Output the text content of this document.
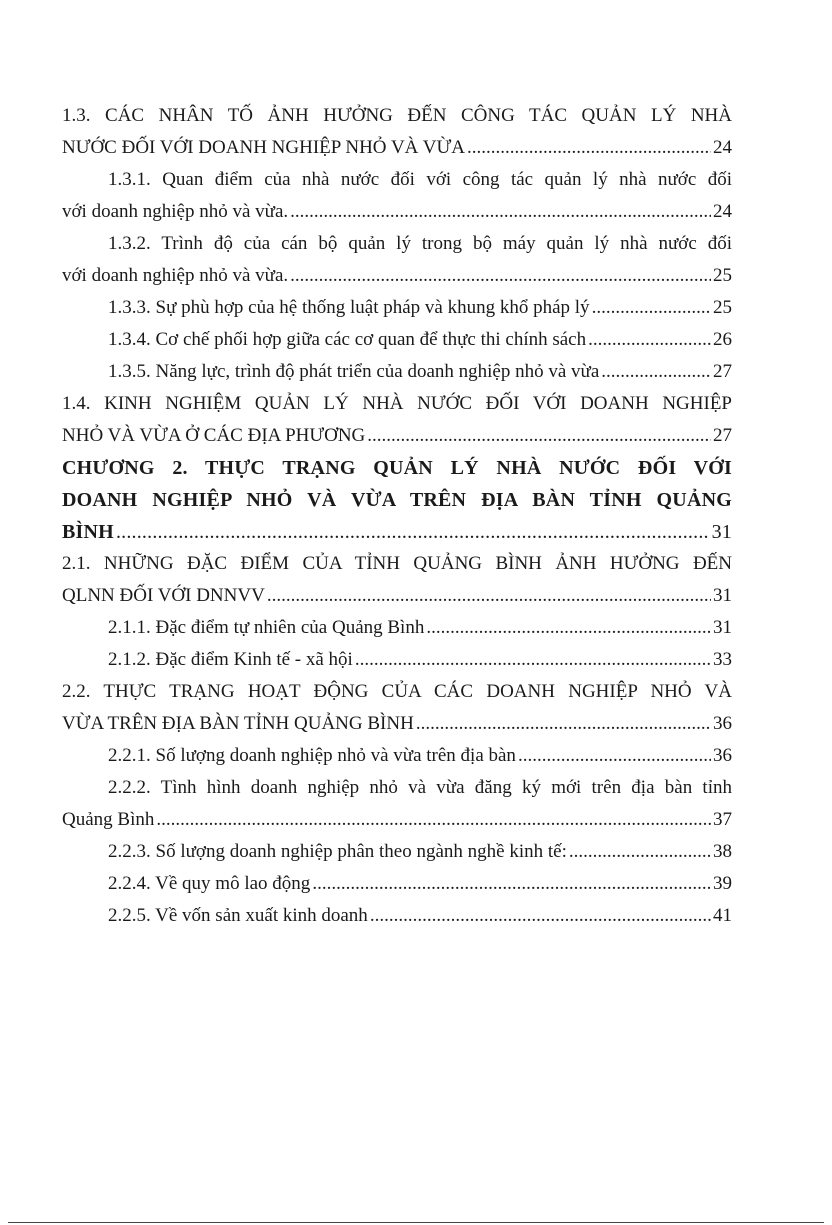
1.3. CÁC NHÂN TỐ ẢNH HƯỞNG ĐẾN CÔNG TÁC QUẢN LÝ NHÀ
NƯỚC ĐỐI VỚI DOANH NGHIỆP NHỎ VÀ VỪA .....	24
1.3.1. Quan điểm của nhà nước đối với công tác quản lý nhà nước đối
với doanh nghiệp nhỏ và vừa. .....	24
1.3.2. Trình độ của cán bộ quản lý trong bộ máy quản lý nhà nước đối
với doanh nghiệp nhỏ và vừa. .....	25
1.3.3. Sự phù hợp của hệ thống luật pháp và khung khổ pháp lý .....	25
1.3.4. Cơ chế phối hợp giữa các cơ quan để thực thi chính sách .....	26
1.3.5. Năng lực, trình độ phát triển của doanh nghiệp nhỏ và vừa .....	27
1.4. KINH NGHIỆM QUẢN LÝ NHÀ NƯỚC ĐỐI VỚI DOANH NGHIỆP
NHỎ VÀ VỪA Ở CÁC ĐỊA PHƯƠNG .....	27
CHƯƠNG 2. THỰC TRẠNG QUẢN LÝ NHÀ NƯỚC ĐỐI VỚI
DOANH NGHIỆP NHỎ VÀ VỪA TRÊN ĐỊA BÀN TỈNH QUẢNG
BÌNH .....	31
2.1. NHỮNG ĐẶC ĐIỂM CỦA TỈNH QUẢNG BÌNH ẢNH HƯỞNG ĐẾN
QLNN ĐỐI VỚI DNNVV .....	31
2.1.1. Đặc điểm tự nhiên của Quảng Bình .....	31
2.1.2. Đặc điểm Kinh tế - xã hội .....	33
2.2. THỰC TRẠNG HOẠT ĐỘNG CỦA CÁC DOANH NGHIỆP NHỎ VÀ
VỪA TRÊN ĐỊA BÀN TỈNH QUẢNG BÌNH .....	36
2.2.1. Số lượng doanh nghiệp nhỏ và vừa trên địa bàn .....	36
2.2.2. Tình hình doanh nghiệp nhỏ và vừa đăng ký mới trên địa bàn tỉnh
Quảng Bình .....	37
2.2.3. Số lượng doanh nghiệp phân theo ngành nghề kinh tế: .....	38
2.2.4. Về quy mô lao động .....	39
2.2.5. Về vốn sản xuất kinh doanh .....	41
